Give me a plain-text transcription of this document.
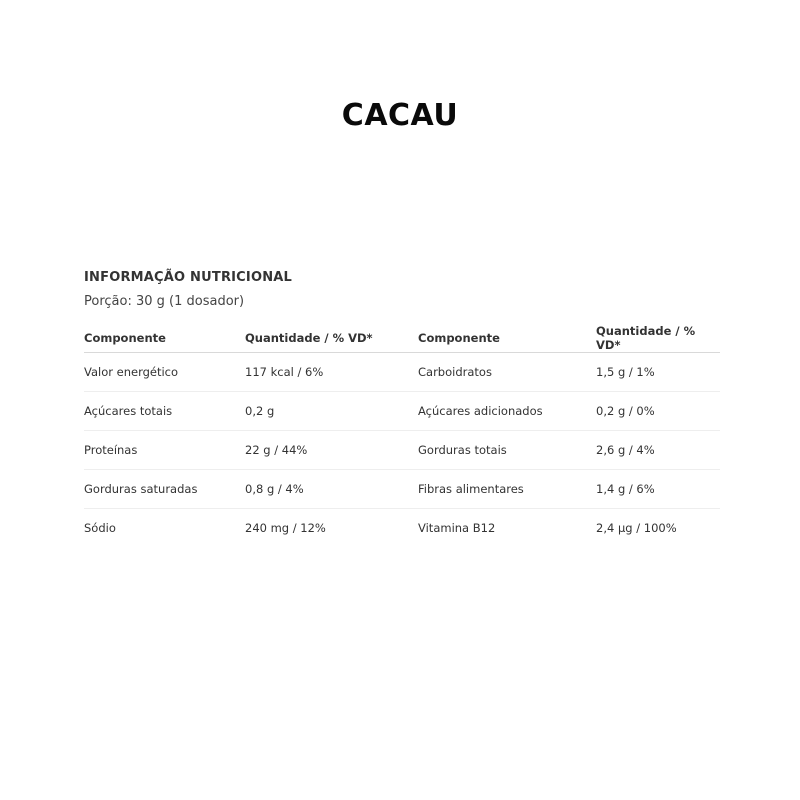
CACAU
INFORMAÇÃO NUTRICIONAL
Porção: 30 g (1 dosador)
Componente	Quantidade / % VD*	Componente	Quantidade / % VD*
Valor energético	117 kcal / 6%	Carboidratos	1,5 g / 1%
Açúcares totais	0,2 g	Açúcares adicionados	0,2 g / 0%
Proteínas	22 g / 44%	Gorduras totais	2,6 g / 4%
Gorduras saturadas	0,8 g / 4%	Fibras alimentares	1,4 g / 6%
Sódio	240 mg / 12%	Vitamina B12	2,4 µg / 100%
